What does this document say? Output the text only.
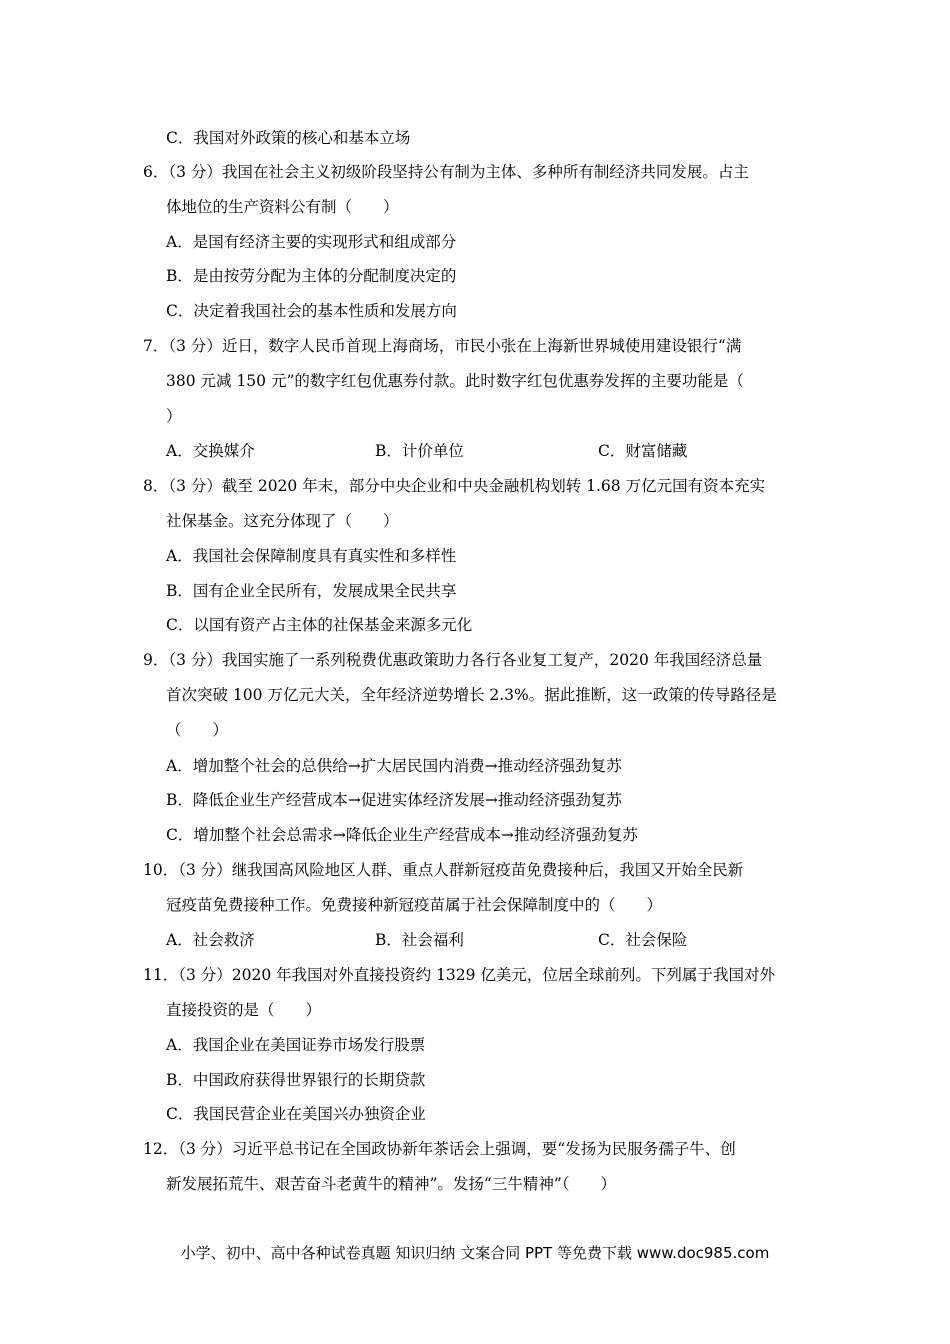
C．我国对外政策的核心和基本立场
6．（3 分）我国在社会主义初级阶段坚持公有制为主体、多种所有制经济共同发展。占主
体地位的生产资料公有制（　　）
A．是国有经济主要的实现形式和组成部分
B．是由按劳分配为主体的分配制度决定的
C．决定着我国社会的基本性质和发展方向
7．（3 分）近日，数字人民币首现上海商场，市民小张在上海新世界城使用建设银行“满
380 元减 150 元”的数字红包优惠券付款。此时数字红包优惠券发挥的主要功能是（
）
A．交换媒介	B．计价单位	C．财富储藏
8．（3 分）截至 2020 年末，部分中央企业和中央金融机构划转 1.68 万亿元国有资本充实
社保基金。这充分体现了（　　）
A．我国社会保障制度具有真实性和多样性
B．国有企业全民所有，发展成果全民共享
C．以国有资产占主体的社保基金来源多元化
9．（3 分）我国实施了一系列税费优惠政策助力各行各业复工复产，2020 年我国经济总量
首次突破 100 万亿元大关，全年经济逆势增长 2.3%。据此推断，这一政策的传导路径是
（　　）
A．增加整个社会的总供给→扩大居民国内消费→推动经济强劲复苏
B．降低企业生产经营成本→促进实体经济发展→推动经济强劲复苏
C．增加整个社会总需求→降低企业生产经营成本→推动经济强劲复苏
10．（3 分）继我国高风险地区人群、重点人群新冠疫苗免费接种后，我国又开始全民新
冠疫苗免费接种工作。免费接种新冠疫苗属于社会保障制度中的（　　）
A．社会救济	B．社会福利	C．社会保险
11．（3 分）2020 年我国对外直接投资约 1329 亿美元，位居全球前列。下列属于我国对外
直接投资的是（　　）
A．我国企业在美国证券市场发行股票
B．中国政府获得世界银行的长期贷款
C．我国民营企业在美国兴办独资企业
12．（3 分）习近平总书记在全国政协新年茶话会上强调，要“发扬为民服务孺子牛、创
新发展拓荒牛、艰苦奋斗老黄牛的精神”。发扬“三牛精神”（　　）
小学、初中、高中各种试卷真题 知识归纳 文案合同 PPT 等免费下载 www.doc985.com
